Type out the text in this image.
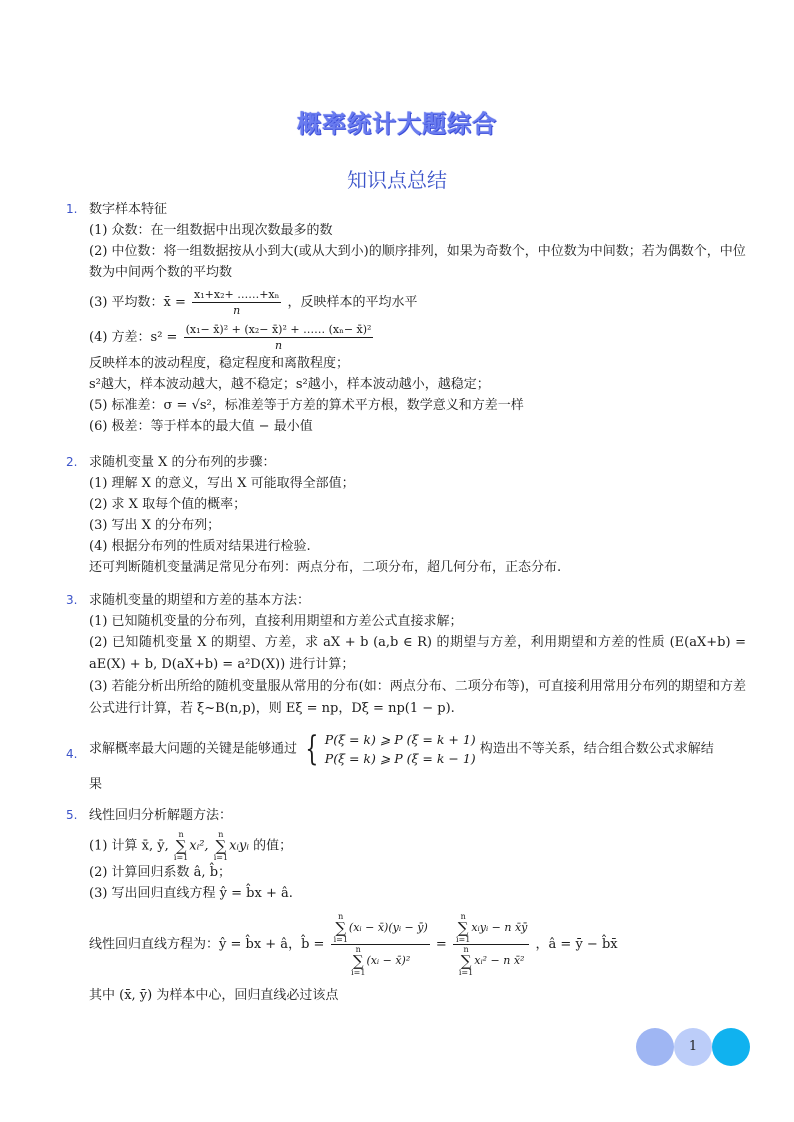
概率统计大题综合
知识点总结
1. 数字样本特征
(1) 众数：在一组数据中出现次数最多的数
(2) 中位数：将一组数据按从小到大(或从大到小)的顺序排列，如果为奇数个，中位数为中间数；若为偶数个，中位数为中间两个数的平均数
(3) 平均数：x̄ = $\frac{\text{x₁+x₂+ ……+xₙ}}{n}$ ，反映样本的平均水平
(4) 方差：$s^2 = \frac{\text{(x₁− x̄)² + (x₂− x̄)² + …… (xₙ− x̄)²}}{n}$
反映样本的波动程度，稳定程度和离散程度；
s²越大，样本波动越大，越不稳定；s²越小，样本波动越小，越稳定；
(5) 标准差：σ = √s²，标准差等于方差的算术平方根，数学意义和方差一样
(6) 极差：等于样本的最大值 − 最小值
2. 求随机变量 X 的分布列的步骤：
(1) 理解 X 的意义，写出 X 可能取得全部值；
(2) 求 X 取每个值的概率；
(3) 写出 X 的分布列；
(4) 根据分布列的性质对结果进行检验.
还可判断随机变量满足常见分布列：两点分布，二项分布，超几何分布，正态分布.
3. 求随机变量的期望和方差的基本方法：
(1) 已知随机变量的分布列，直接利用期望和方差公式直接求解；
(2) 已知随机变量 X 的期望、方差，求 aX + b (a,b ∈ R) 的期望与方差，利用期望和方差的性质 (E(aX+b) = aE(X) + b, D(aX+b) = a²D(X)) 进行计算；
(3) 若能分析出所给的随机变量服从常用的分布(如：两点分布、二项分布等)，可直接利用常用分布列的期望和方差公式进行计算，若 ξ~B(n,p)，则 Eξ = np，Dξ = np(1 − p).
4. 求解概率最大问题的关键是能够通过 { P(ξ = k) ⩾ P (ξ = k + 1)
P(ξ = k) ⩾ P (ξ = k − 1)
构造出不等关系，结合组合数公式求解结
果
5. 线性回归分析解题方法：
(1) 计算 x̄, ȳ,
n
∑
i=1
xᵢ²,
n
∑
i=1
xᵢyᵢ 的值；
(2) 计算回归系数 â, b̂；
(3) 写出回归直线方程 ŷ = b̂x + â.
线性回归直线方程为：ŷ = b̂x + â，b̂ = n
∑
i=1
(xᵢ − x̄)(yᵢ − ȳ)
n
∑
i=1
(xᵢ − x̄)² = n
∑
i=1
xᵢyᵢ − n x̄ȳ
n
∑
i=1
xᵢ² − n x̄² ，â = ȳ − b̂x̄
其中 (x̄, ȳ) 为样本中心，回归直线必过该点
1
